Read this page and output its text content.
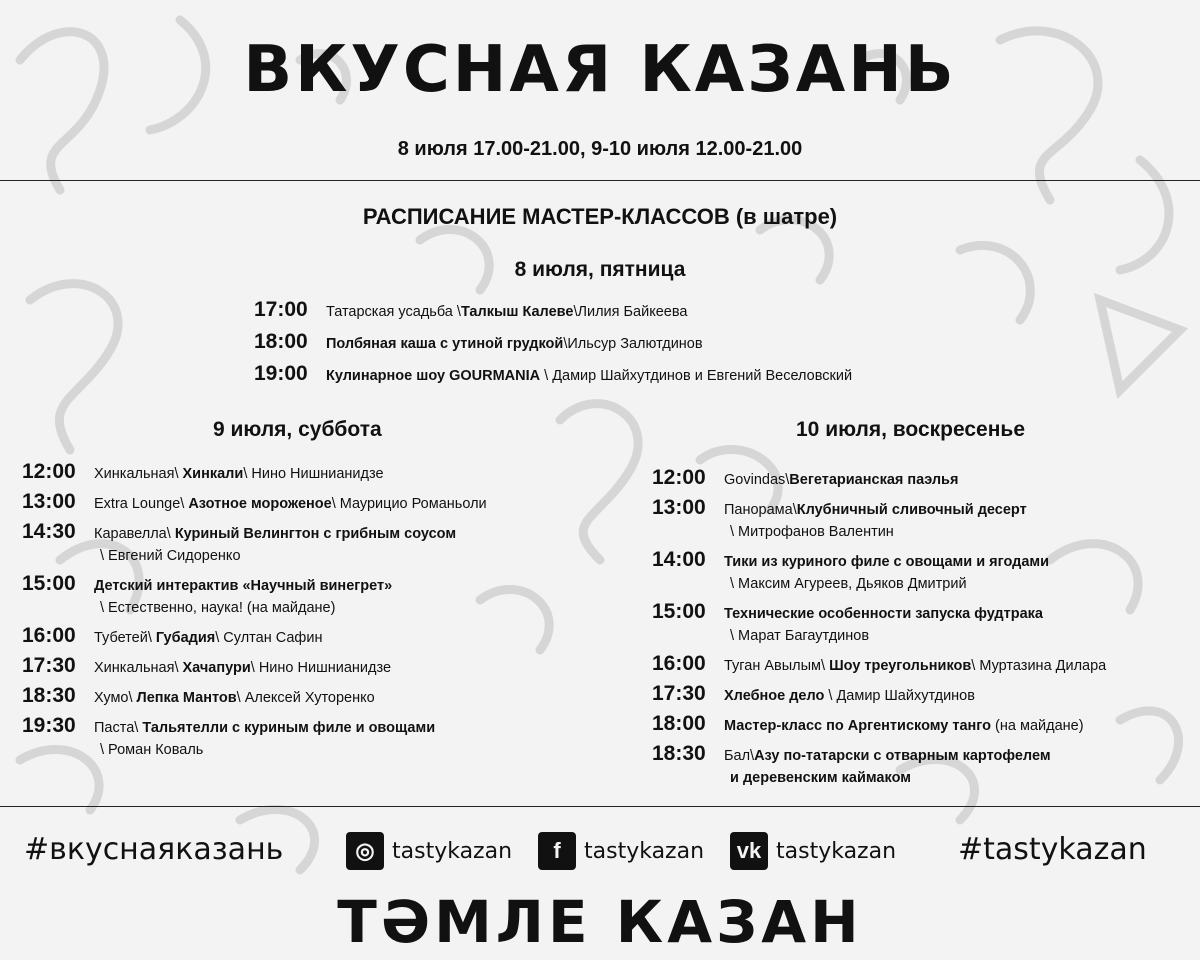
ВКУСНАЯ КАЗАНЬ
8 июля 17.00-21.00, 9-10 июля 12.00-21.00
РАСПИСАНИЕ МАСТЕР-КЛАССОВ (в шатре)
8 июля, пятница
17:00	Татарская усадьба \Талкыш Калеве\Лилия Байкеева
18:00	Полбяная каша с утиной грудкой\Ильсур Залютдинов
19:00	Кулинарное шоу GOURMANIA \ Дамир Шайхутдинов и Евгений Веселовский
9 июля, суббота	10 июля, воскресенье
12:00	Хинкальная\ Хинкали\ Нино Нишнианидзе
13:00	Extra Lounge\ Азотное мороженое\ Маурицио Романьоли
14:30	Каравелла\ Куриный Велингтон с грибным соусом
\ Евгений Сидоренко
15:00	Детский интерактив «Научный винегрет»
\ Естественно, наука! (на майдане)
16:00	Тубетей\ Губадия\ Султан Сафин
17:30	Хинкальная\ Хачапури\ Нино Нишнианидзе
18:30	Хумо\ Лепка Мантов\ Алексей Хуторенко
19:30	Паста\ Тальятелли с куриным филе и овощами
\ Роман Коваль
12:00	Govindas\Вегетарианская паэлья
13:00	Панорама\Клубничный сливочный десерт
\ Митрофанов Валентин
14:00	Тики из куриного филе с овощами и ягодами
\ Максим Агуреев, Дьяков Дмитрий
15:00	Технические особенности запуска фудтрака
\ Марат Багаутдинов
16:00	Туган Авылым\ Шоу треугольников\ Муртазина Дилара
17:30	Хлебное дело \ Дамир Шайхутдинов
18:00	Мастер-класс по Аргентискому танго (на майдане)
18:30	Бал\Азу по-татарски с отварным картофелем
и деревенским каймаком
#вкуснаяказань	◎ tastykazan	f	tastykazan	vk tastykazan #tastykazan
ТӘМЛЕ КАЗАН
